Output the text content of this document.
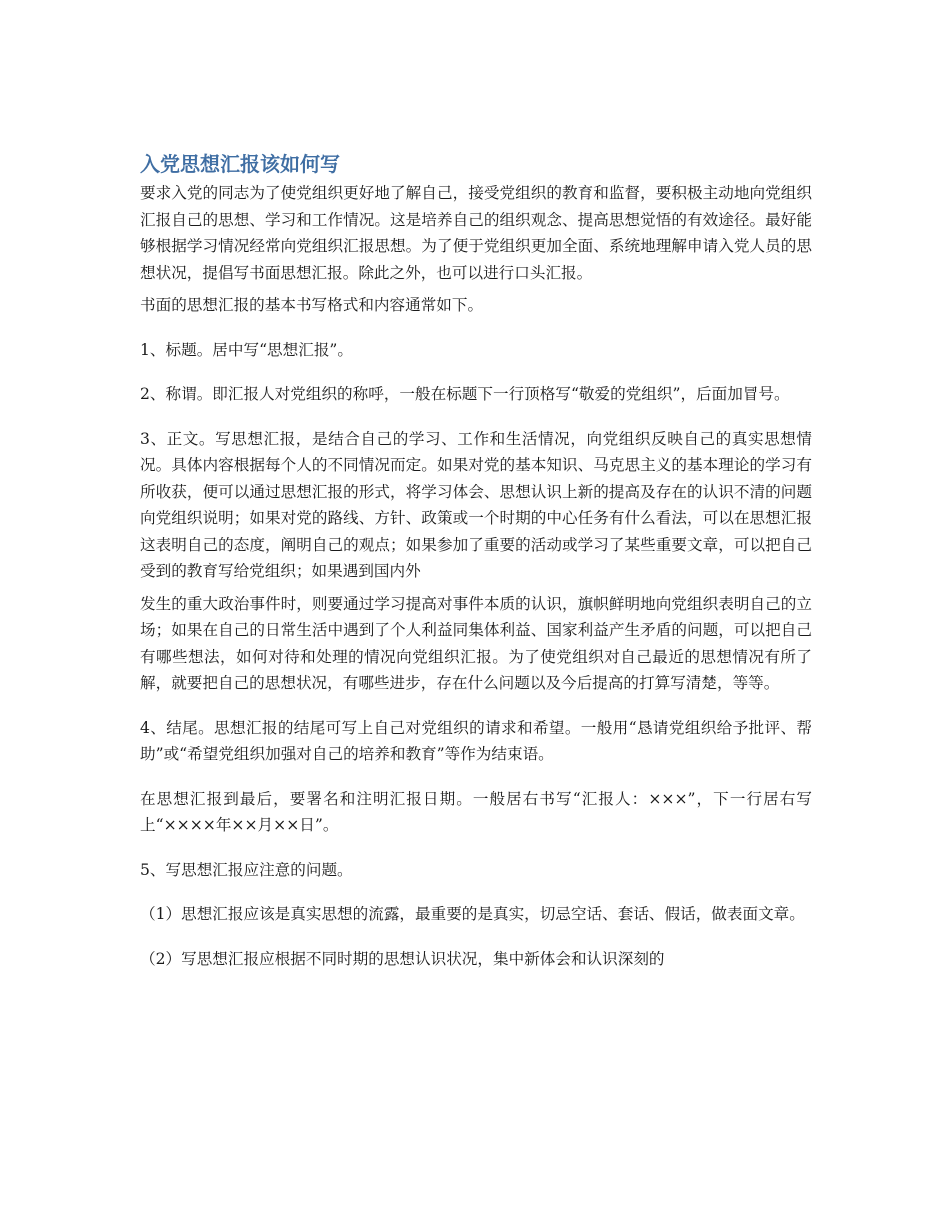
入党思想汇报该如何写

要求入党的同志为了使党组织更好地了解自己，接受党组织的教育和监督，要积极主动地向党组织汇报自己的思想、学习和工作情况。这是培养自己的组织观念、提高思想觉悟的有效途径。最好能够根据学习情况经常向党组织汇报思想。为了便于党组织更加全面、系统地理解申请入党人员的思想状况，提倡写书面思想汇报。除此之外，也可以进行口头汇报。

书面的思想汇报的基本书写格式和内容通常如下。

1、标题。居中写“思想汇报”。

2、称谓。即汇报人对党组织的称呼，一般在标题下一行顶格写“敬爱的党组织”，后面加冒号。

3、正文。写思想汇报，是结合自己的学习、工作和生活情况，向党组织反映自己的真实思想情况。具体内容根据每个人的不同情况而定。如果对党的基本知识、马克思主义的基本理论的学习有所收获，便可以通过思想汇报的形式，将学习体会、思想认识上新的提高及存在的认识不清的问题向党组织说明；如果对党的路线、方针、政策或一个时期的中心任务有什么看法，可以在思想汇报这表明自己的态度，阐明自己的观点；如果参加了重要的活动或学习了某些重要文章，可以把自己受到的教育写给党组织；如果遇到国内外

发生的重大政治事件时，则要通过学习提高对事件本质的认识，旗帜鲜明地向党组织表明自己的立场；如果在自己的日常生活中遇到了个人利益同集体利益、国家利益产生矛盾的问题，可以把自己有哪些想法，如何对待和处理的情况向党组织汇报。为了使党组织对自己最近的思想情况有所了解，就要把自己的思想状况，有哪些进步，存在什么问题以及今后提高的打算写清楚，等等。

4、结尾。思想汇报的结尾可写上自己对党组织的请求和希望。一般用“恳请党组织给予批评、帮助”或“希望党组织加强对自己的培养和教育”等作为结束语。

在思想汇报到最后，要署名和注明汇报日期。一般居右书写“汇报人：×××”，下一行居右写上“××××年××月××日”。

5、写思想汇报应注意的问题。

（1）思想汇报应该是真实思想的流露，最重要的是真实，切忌空话、套话、假话，做表面文章。

（2）写思想汇报应根据不同时期的思想认识状况，集中新体会和认识深刻的
